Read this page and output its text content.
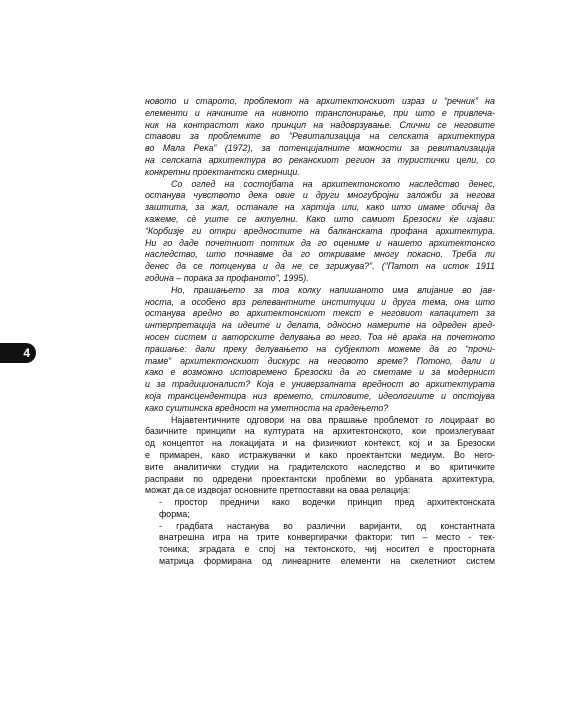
4
новото и старото, проблемот на архитектонскиот израз и “речник” на
елементи и начините на нивното транспонирање, при што е привлеча-
ник на контрастот како принцип на надоврзување. Слични се неговите
ставови за проблемите во “Ревитализација на селската архитектура
во Мала Река” (1972), за потенцијалните можности за ревитализација
на селската архитектура во реканскиот регион за туристички цели, со
конкретни проектантски смерници.
Со оглед на состојбата на архитектонското наследство денес,
останува чувството дека овие и други многубројни заложби за негова
заштита, за жал, останале на хартија или, како што имаме обичај да
кажеме, сѐ уште се актуелни. Како што самиот Брезоски ќе изјави:
“Корбизје ги откри вредностите на балканската профана архитектура.
Ни го даде почетниот поттик да го оцениме и нашето архитектонско
наследство, што почнавме да го откриваме многу покасно. Треба ли
денес да се потценува и да не се згрижува?”. (“Патот на исток 1911
година – порака за профаното”, 1995).
Но, прашањето за тоа колку напишаното има влијание во јав-
носта, а особено врз релевантните институции и друга тема, она што
останува вредно во архитектонскиот текст е неговиот капацитет за
интерпретација на идеите и делата, односно намерите на одреден вред-
носен систем и авторските делувања во него. Тоа нѐ враќа на почетното
прашање: дали преку делувањето на субјектот можеме да го “прочи-
таме” архитектонскиот дискурс на неговото време? Потоно, дали и
како е возможно истовремено Брезоски да го сметаме и за модернист
и за традиционалист? Која е универзалната вредност во архитектурата
која трансцендентира низ времето, стиловите, идеологиите и опстојува
како суштинска вредност на уметноста на градењето?
Најавтентичните одговори на ова прашање проблемот го лоцираат во
базичните принципи на културата на архитектонското, кои произлегуваат
од концептот на локацијата и на физичкиот контекст, кој и за Брезоски
е примарен, како истражувачки и како проектантски медиум. Во него-
вите аналитички студии на градителското наследство и во критичките
расправи по одредени проектантски проблеми во урбаната архитектура,
можат да се издвојат основните претпоставки на оваа релација:
- простор предничи како водечки принцип пред архитектонската
форма;
- градбата настанува во различни варијанти, од константната
внатрешна игра на трите конвергирачки фактори: тип – место - тек-
тоника; зградата е спој на тектонското, чиј носител е просторната
матрица формирана од линеарните елементи на скелетниот систем
